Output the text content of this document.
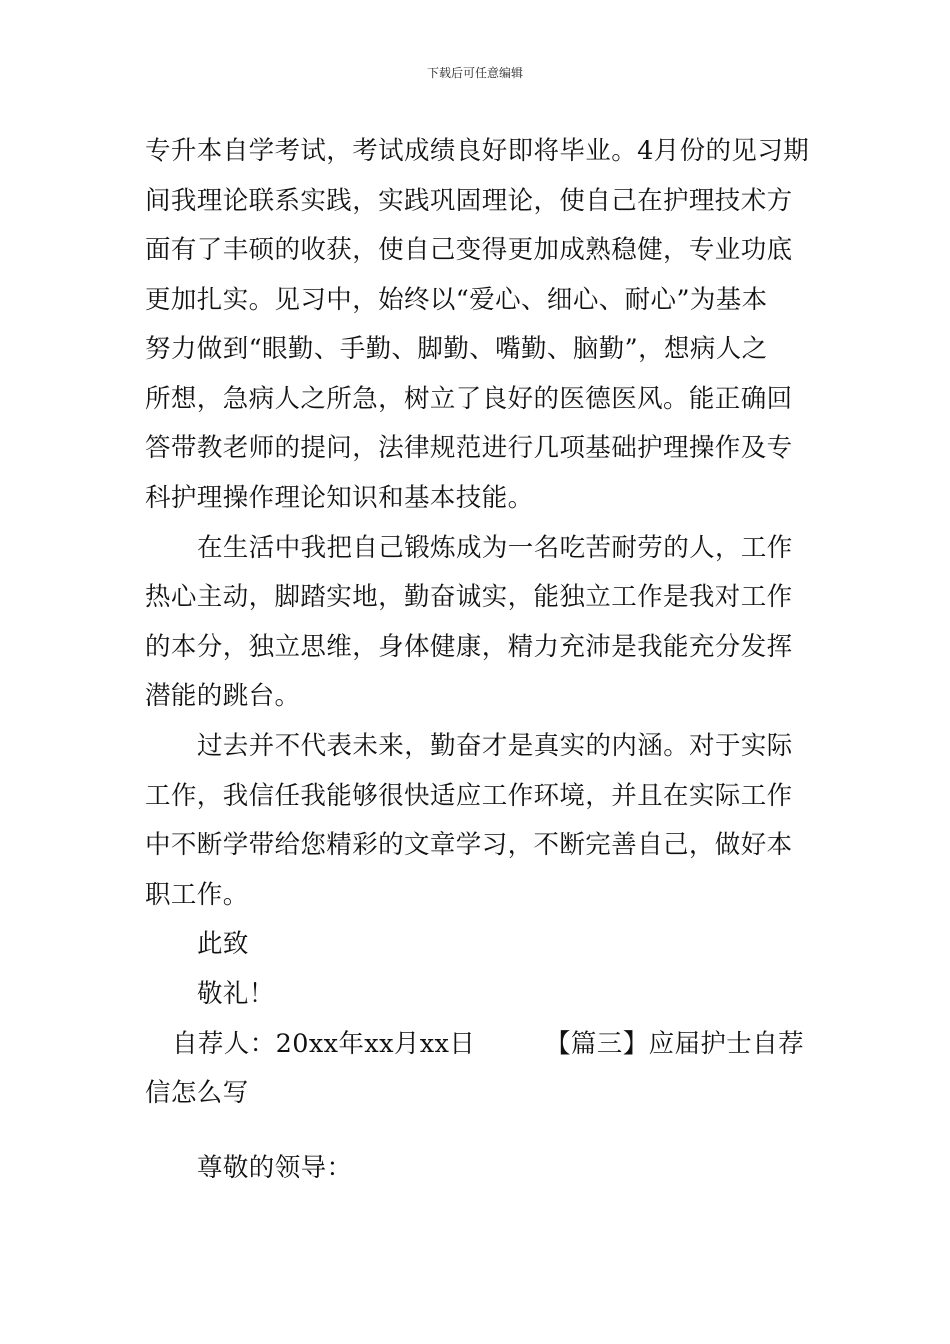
下载后可任意编辑
专升本自学考试，考试成绩良好即将毕业。4月份的见习期
间我理论联系实践，实践巩固理论，使自己在护理技术方
面有了丰硕的收获，使自己变得更加成熟稳健，专业功底
更加扎实。见习中，始终以“爱心、细心、耐心”为基本
努力做到“眼勤、手勤、脚勤、嘴勤、脑勤”，想病人之
所想，急病人之所急，树立了良好的医德医风。能正确回
答带教老师的提问，法律规范进行几项基础护理操作及专
科护理操作理论知识和基本技能。
在生活中我把自己锻炼成为一名吃苦耐劳的人，工作
热心主动，脚踏实地，勤奋诚实，能独立工作是我对工作
的本分，独立思维，身体健康，精力充沛是我能充分发挥
潜能的跳台。
过去并不代表未来，勤奋才是真实的内涵。对于实际
工作，我信任我能够很快适应工作环境，并且在实际工作
中不断学带给您精彩的文章学习，不断完善自己，做好本
职工作。
此致
敬礼！
自荐人：20xx年xx月xx日	【篇三】应届护士自荐
信怎么写
尊敬的领导：
